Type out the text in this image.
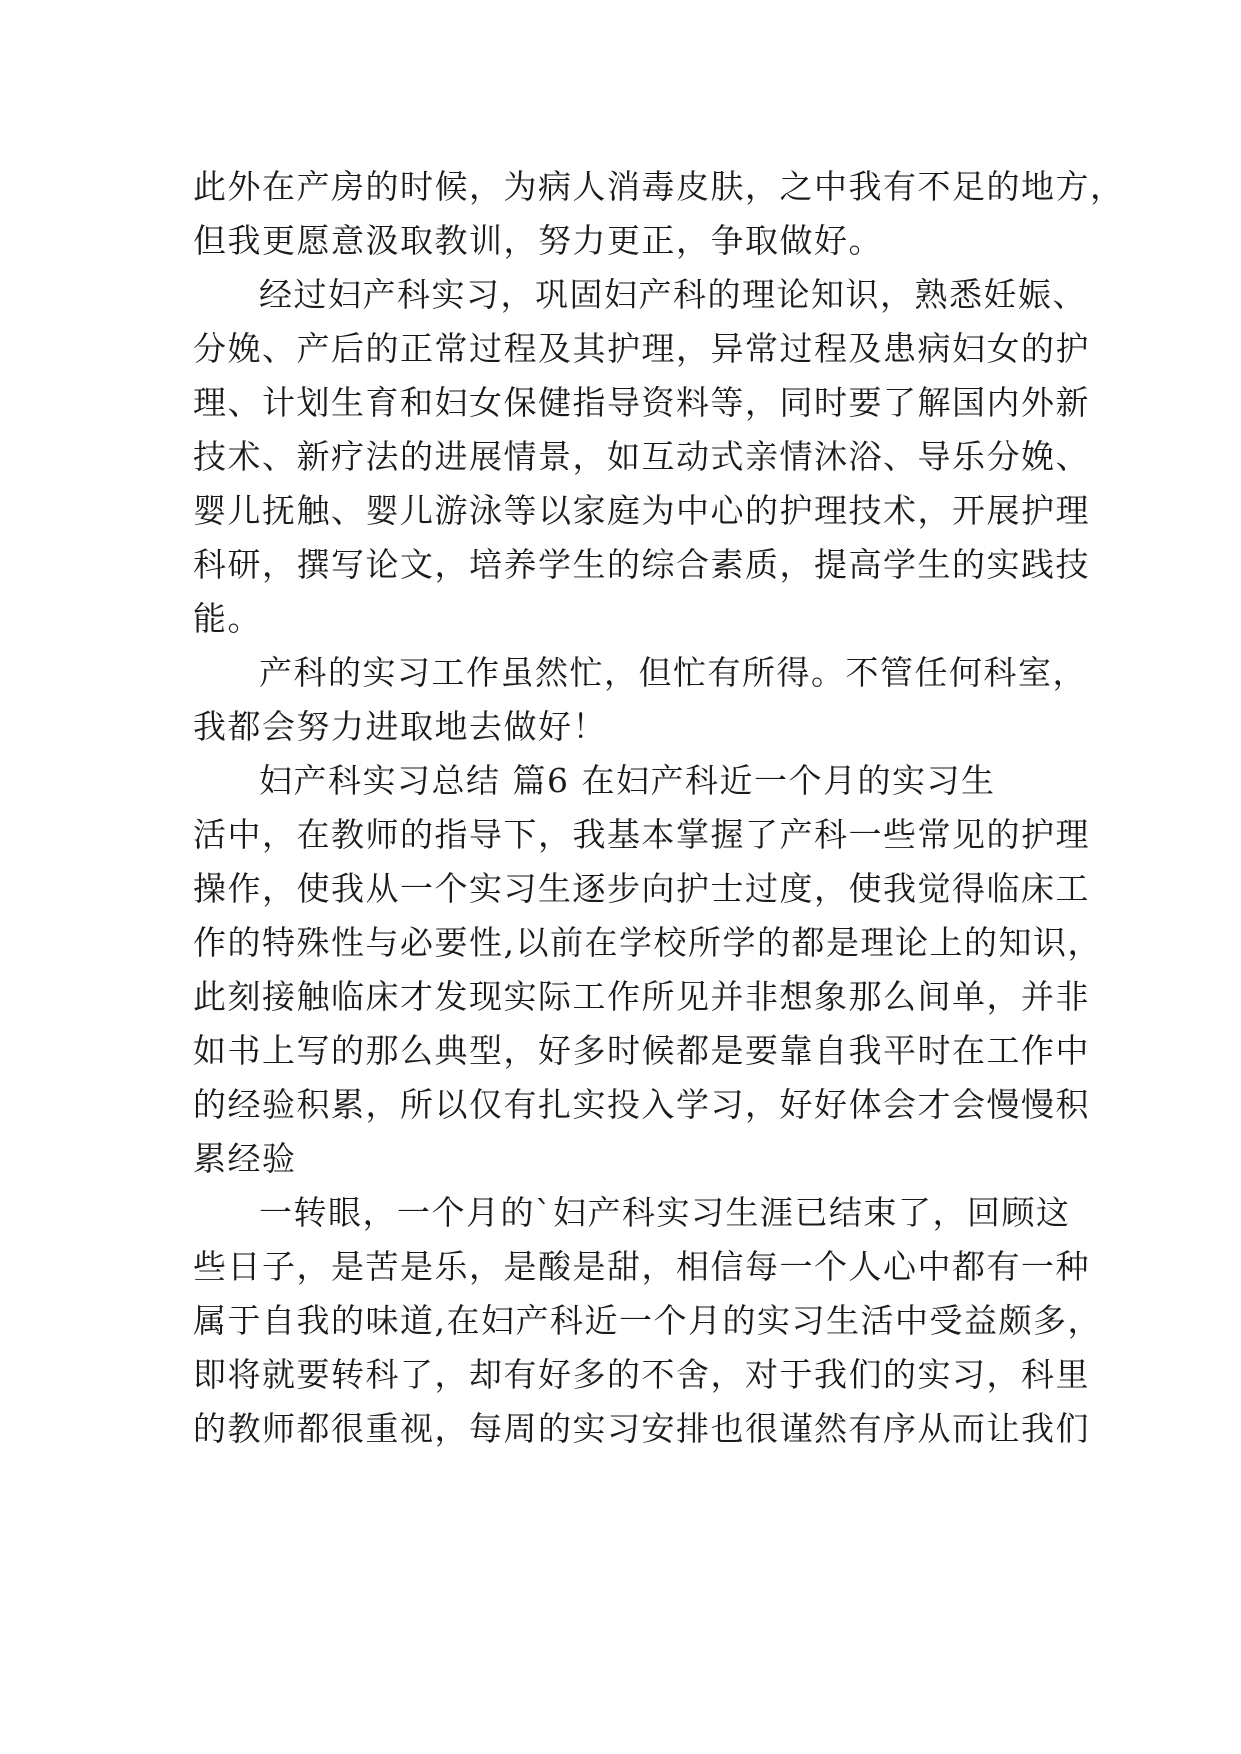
此外在产房的时候，为病人消毒皮肤，之中我有不足的地方，
但我更愿意汲取教训，努力更正，争取做好。
经过妇产科实习，巩固妇产科的理论知识，熟悉妊娠、
分娩、产后的正常过程及其护理，异常过程及患病妇女的护
理、计划生育和妇女保健指导资料等，同时要了解国内外新
技术、新疗法的进展情景，如互动式亲情沐浴、导乐分娩、
婴儿抚触、婴儿游泳等以家庭为中心的护理技术，开展护理
科研，撰写论文，培养学生的综合素质，提高学生的实践技
能。
产科的实习工作虽然忙，但忙有所得。不管任何科室，
我都会努力进取地去做好！
妇产科实习总结 篇6 在妇产科近一个月的实习生
活中，在教师的指导下，我基本掌握了产科一些常见的护理
操作，使我从一个实习生逐步向护士过度，使我觉得临床工
作的特殊性与必要性,以前在学校所学的都是理论上的知识，
此刻接触临床才发现实际工作所见并非想象那么间单，并非
如书上写的那么典型，好多时候都是要靠自我平时在工作中
的经验积累，所以仅有扎实投入学习，好好体会才会慢慢积
累经验
一转眼，一个月的`妇产科实习生涯已结束了，回顾这
些日子，是苦是乐，是酸是甜，相信每一个人心中都有一种
属于自我的味道,在妇产科近一个月的实习生活中受益颇多，
即将就要转科了，却有好多的不舍，对于我们的实习，科里
的教师都很重视，每周的实习安排也很谨然有序从而让我们
